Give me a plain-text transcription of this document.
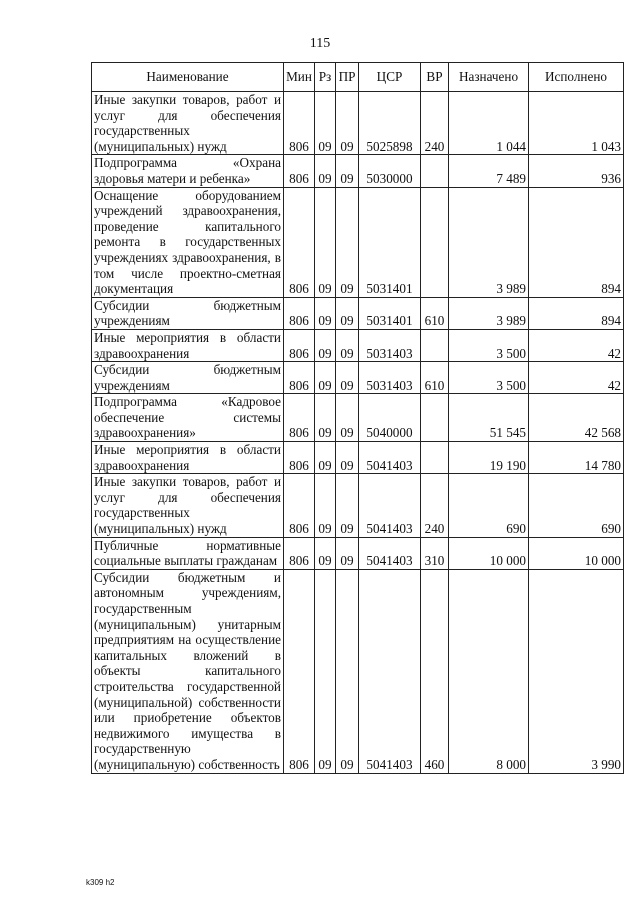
115
Наименование	Мин	Рз	ПР	ЦСР	ВР	Назначено	Исполнено
Иные закупки товаров, работ и услуг для обеспечения государственных (муниципальных) нужд	806	09	09	5025898	240	1 044	1 043
Подпрограмма «Охрана здоровья матери и ребенка»	806	09	09	5030000		7 489	936
Оснащение оборудованием учреждений здравоохранения, проведение капитального ремонта в государственных учреждениях здравоохранения, в том числе проектно-сметная документация	806	09	09	5031401		3 989	894
Субсидии бюджетным учреждениям	806	09	09	5031401	610	3 989	894
Иные мероприятия в области здравоохранения	806	09	09	5031403		3 500	42
Субсидии бюджетным учреждениям	806	09	09	5031403	610	3 500	42
Подпрограмма «Кадровое обеспечение системы здравоохранения»	806	09	09	5040000		51 545	42 568
Иные мероприятия в области здравоохранения	806	09	09	5041403		19 190	14 780
Иные закупки товаров, работ и услуг для обеспечения государственных (муниципальных) нужд	806	09	09	5041403	240	690	690
Публичные нормативные социальные выплаты гражданам	806	09	09	5041403	310	10 000	10 000
Субсидии бюджетным и автономным учреждениям, государственным (муниципальным) унитарным предприятиям на осуществление капитальных вложений в объекты капитального строительства государственной (муниципальной) собственности или приобретение объектов недвижимого имущества в государственную (муниципальную) собственность	806	09	09	5041403	460	8 000	3 990
k309 h2
